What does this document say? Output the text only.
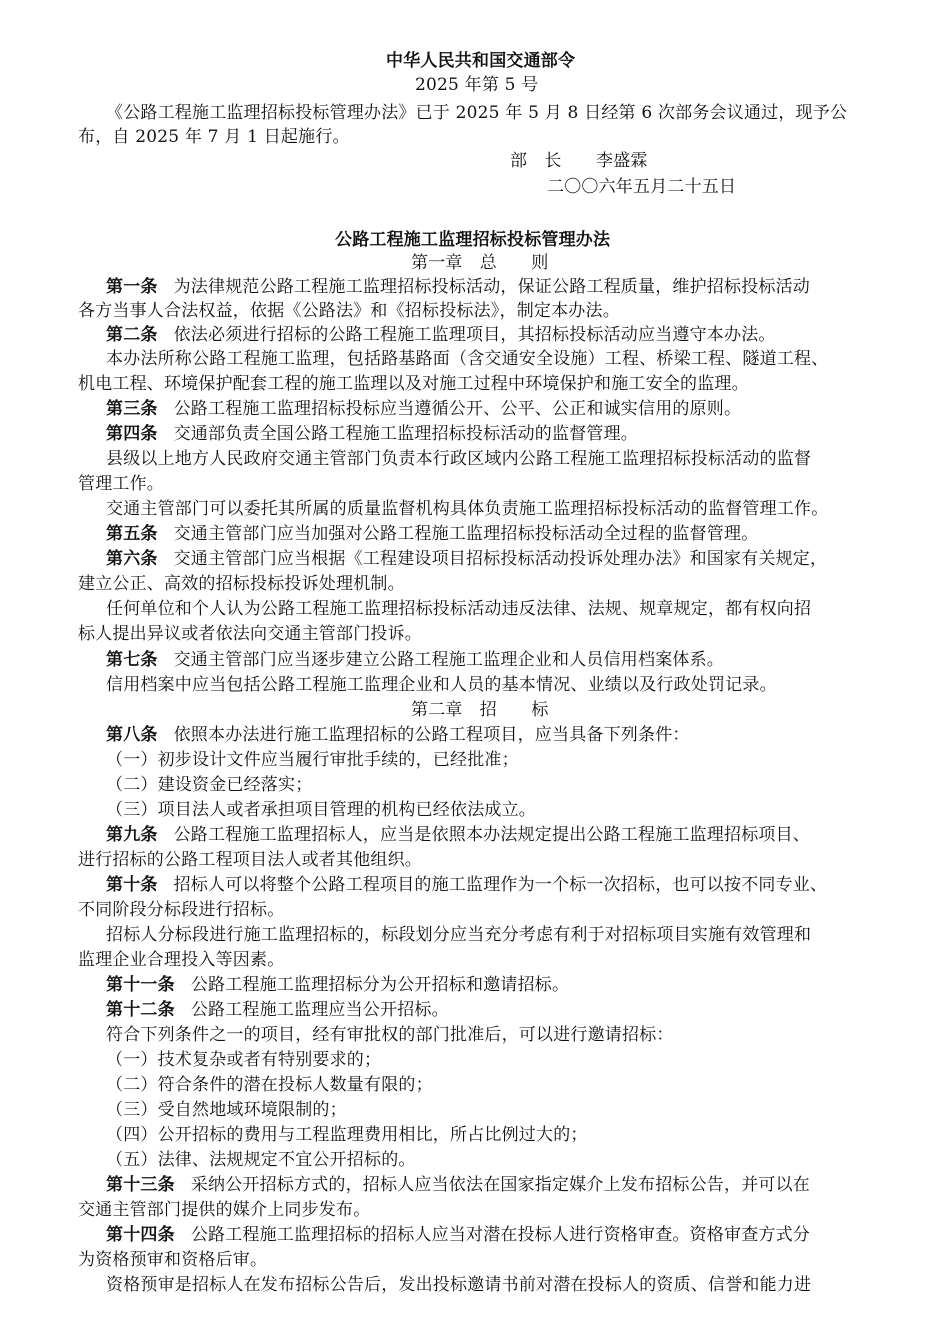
中华人民共和国交通部令
2025 年第 5 号
《公路工程施工监理招标投标管理办法》已于 2025 年 5 月 8 日经第 6 次部务会议通过，现予公
布，自 2025 年 7 月 1 日起施行。
部　长　　李盛霖
二〇〇六年五月二十五日
公路工程施工监理招标投标管理办法
第一章　总　　则
第一条 为法律规范公路工程施工监理招标投标活动，保证公路工程质量，维护招标投标活动
各方当事人合法权益，依据《公路法》和《招标投标法》，制定本办法。
第二条 依法必须进行招标的公路工程施工监理项目，其招标投标活动应当遵守本办法。
本办法所称公路工程施工监理，包括路基路面（含交通安全设施）工程、桥梁工程、隧道工程、
机电工程、环境保护配套工程的施工监理以及对施工过程中环境保护和施工安全的监理。
第三条 公路工程施工监理招标投标应当遵循公开、公平、公正和诚实信用的原则。
第四条 交通部负责全国公路工程施工监理招标投标活动的监督管理。
县级以上地方人民政府交通主管部门负责本行政区域内公路工程施工监理招标投标活动的监督
管理工作。
交通主管部门可以委托其所属的质量监督机构具体负责施工监理招标投标活动的监督管理工作。
第五条 交通主管部门应当加强对公路工程施工监理招标投标活动全过程的监督管理。
第六条 交通主管部门应当根据《工程建设项目招标投标活动投诉处理办法》和国家有关规定，
建立公正、高效的招标投标投诉处理机制。
任何单位和个人认为公路工程施工监理招标投标活动违反法律、法规、规章规定，都有权向招
标人提出异议或者依法向交通主管部门投诉。
第七条 交通主管部门应当逐步建立公路工程施工监理企业和人员信用档案体系。
信用档案中应当包括公路工程施工监理企业和人员的基本情况、业绩以及行政处罚记录。
第二章　招　　标
第八条 依照本办法进行施工监理招标的公路工程项目，应当具备下列条件：
（一）初步设计文件应当履行审批手续的，已经批准；
（二）建设资金已经落实；
（三）项目法人或者承担项目管理的机构已经依法成立。
第九条 公路工程施工监理招标人，应当是依照本办法规定提出公路工程施工监理招标项目、
进行招标的公路工程项目法人或者其他组织。
第十条 招标人可以将整个公路工程项目的施工监理作为一个标一次招标，也可以按不同专业、
不同阶段分标段进行招标。
招标人分标段进行施工监理招标的，标段划分应当充分考虑有利于对招标项目实施有效管理和
监理企业合理投入等因素。
第十一条 公路工程施工监理招标分为公开招标和邀请招标。
第十二条 公路工程施工监理应当公开招标。
符合下列条件之一的项目，经有审批权的部门批准后，可以进行邀请招标：
（一）技术复杂或者有特别要求的；
（二）符合条件的潜在投标人数量有限的；
（三）受自然地域环境限制的；
（四）公开招标的费用与工程监理费用相比，所占比例过大的；
（五）法律、法规规定不宜公开招标的。
第十三条 采纳公开招标方式的，招标人应当依法在国家指定媒介上发布招标公告，并可以在
交通主管部门提供的媒介上同步发布。
第十四条 公路工程施工监理招标的招标人应当对潜在投标人进行资格审查。资格审查方式分
为资格预审和资格后审。
资格预审是招标人在发布招标公告后，发出投标邀请书前对潜在投标人的资质、信誉和能力进
